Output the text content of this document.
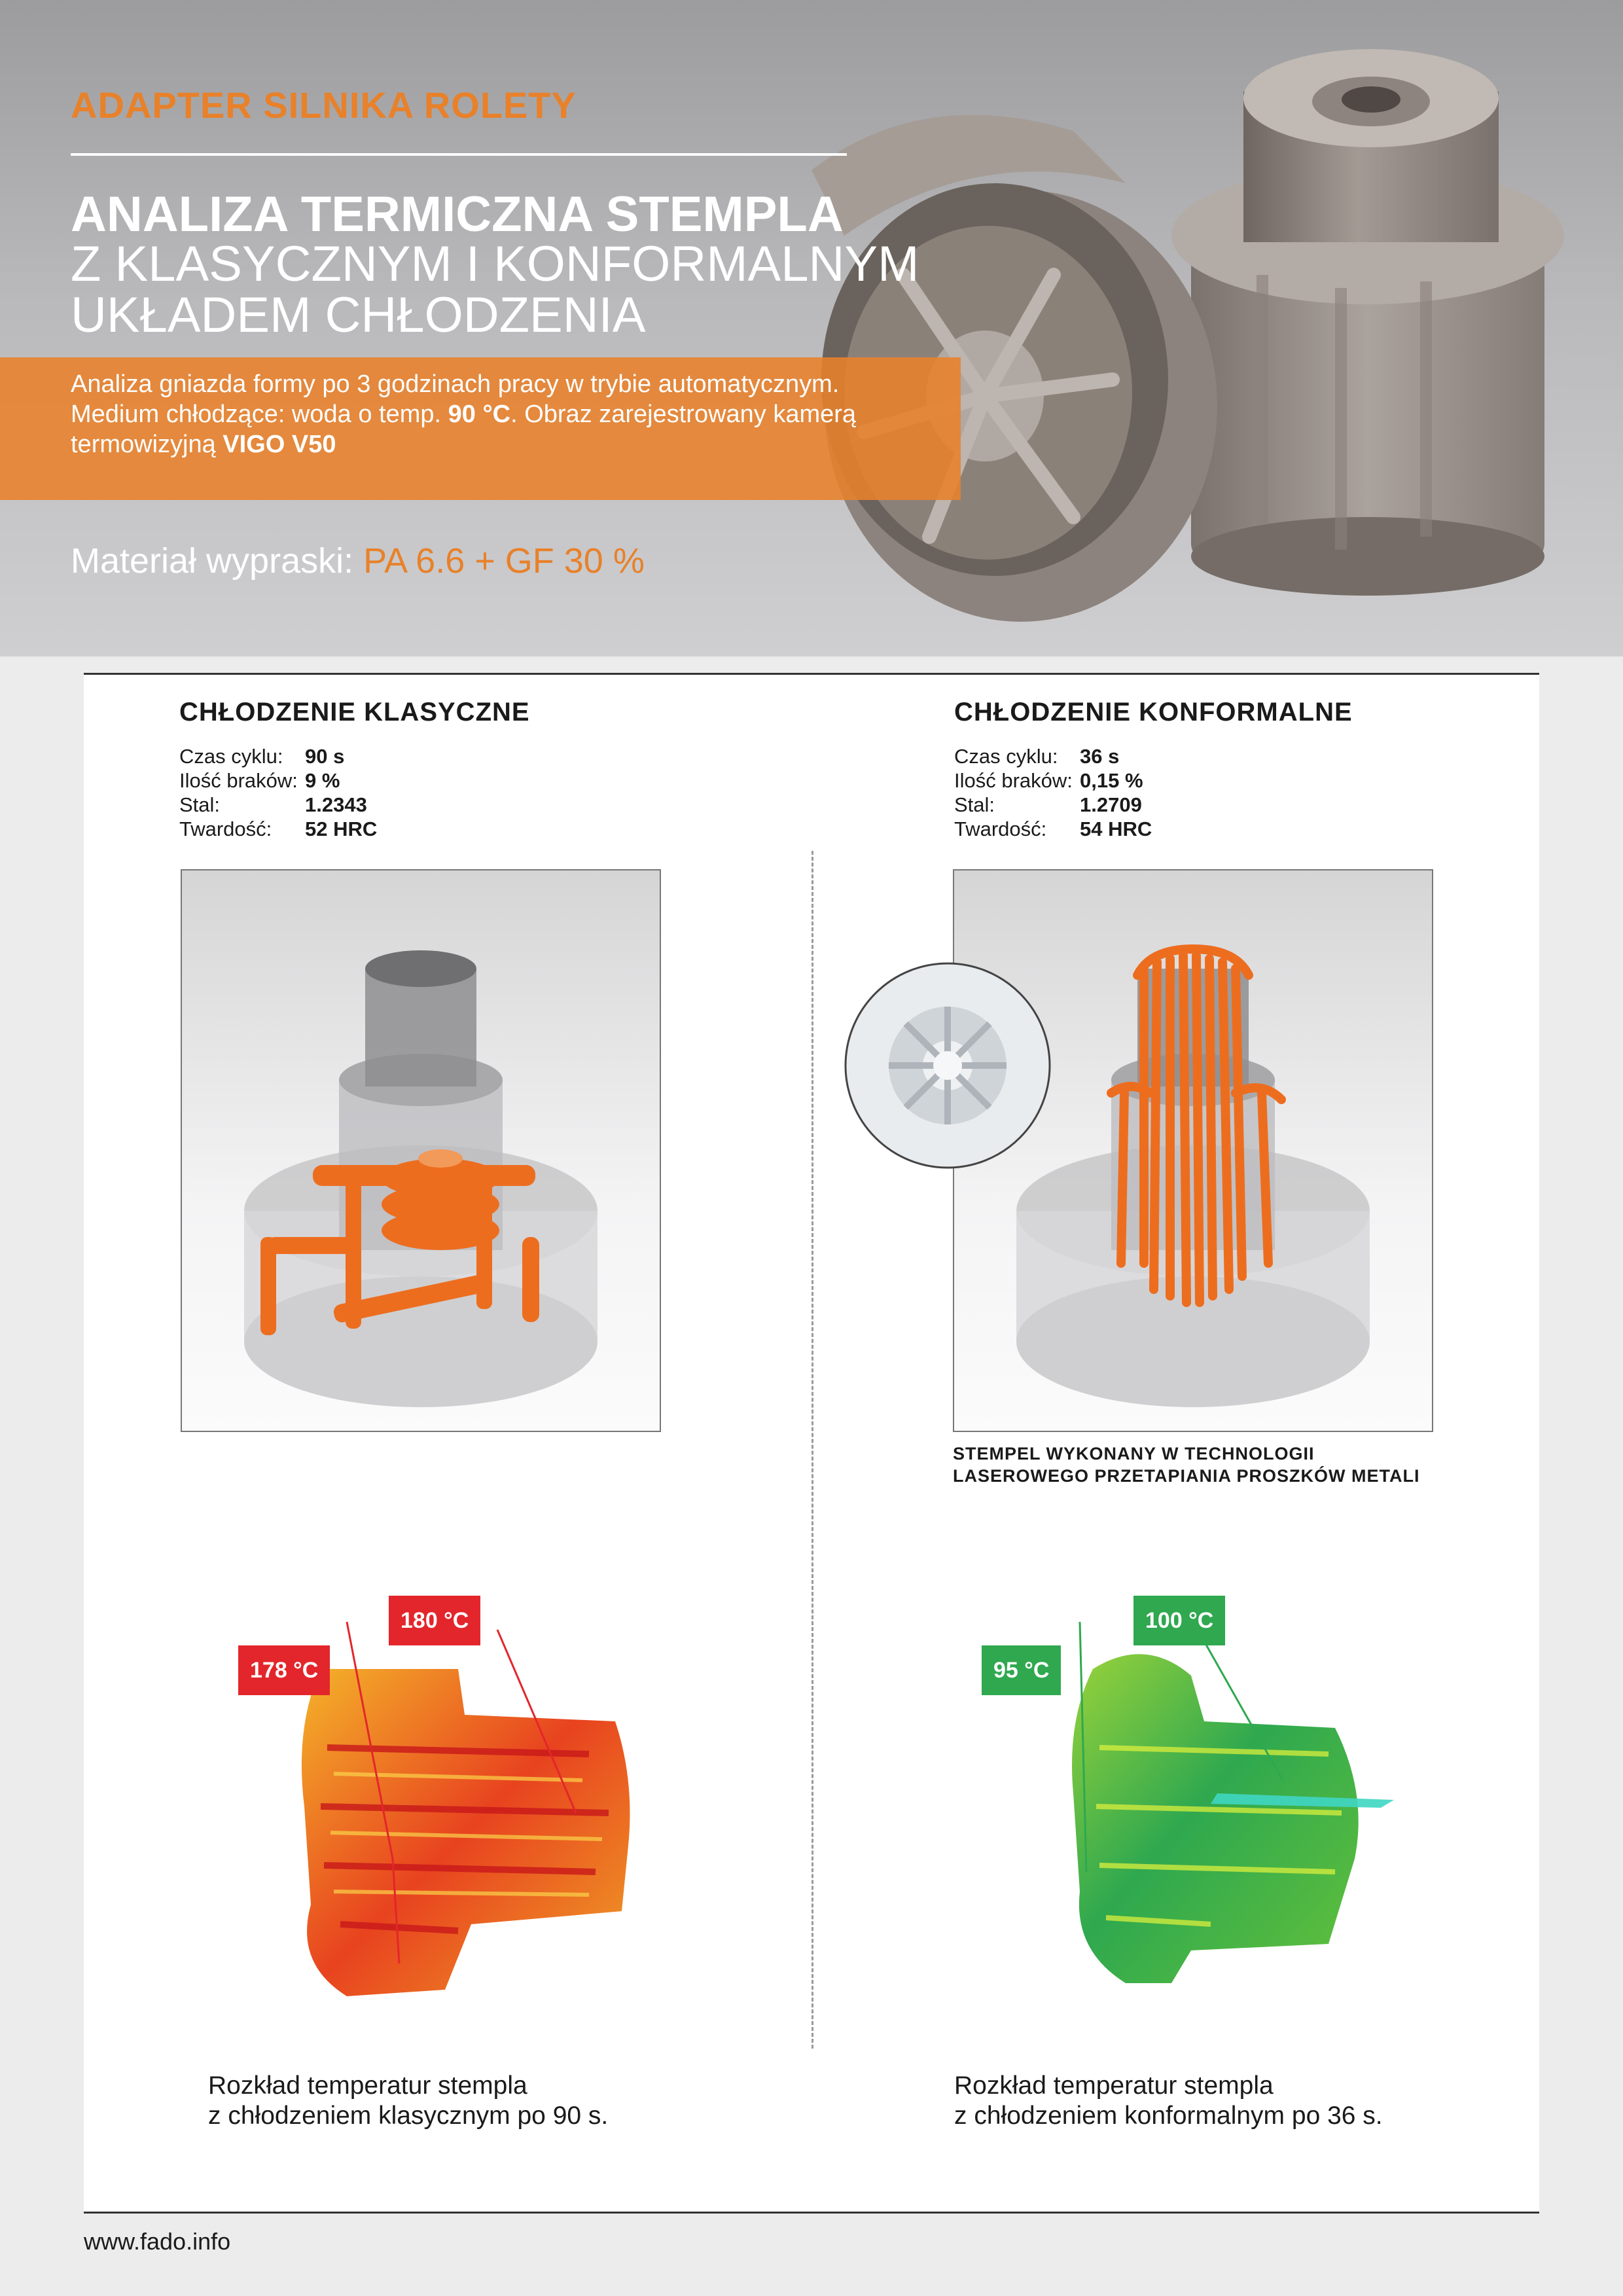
ADAPTER SILNIKA ROLETY
ANALIZA TERMICZNA STEMPLA
Z KLASYCZNYM I KONFORMALNYM
UKŁADEM CHŁODZENIA
Analiza gniazda formy po 3 godzinach pracy w trybie automatycznym.
Medium chłodzące: woda o temp. 90 °C. Obraz zarejestrowany kamerą
termowizyjną VIGO V50
Materiał wypraski: PA 6.6 + GF 30 %
CHŁODZENIE KLASYCZNE
Czas cyklu: 90 s
Ilość braków: 9 %
Stal:	1.2343
Twardość: 52 HRC
178 °C
180 °C
Rozkład temperatur stempla
z chłodzeniem klasycznym po 90 s.
CHŁODZENIE KONFORMALNE
Czas cyklu: 36 s
Ilość braków: 0,15 %
Stal:	1.2709
Twardość: 54 HRC
STEMPEL WYKONANY W TECHNOLOGII
LASEROWEGO PRZETAPIANIA PROSZKÓW METALI
95 °C
100 °C
Rozkład temperatur stempla
z chłodzeniem konformalnym po 36 s.
www.fado.info
